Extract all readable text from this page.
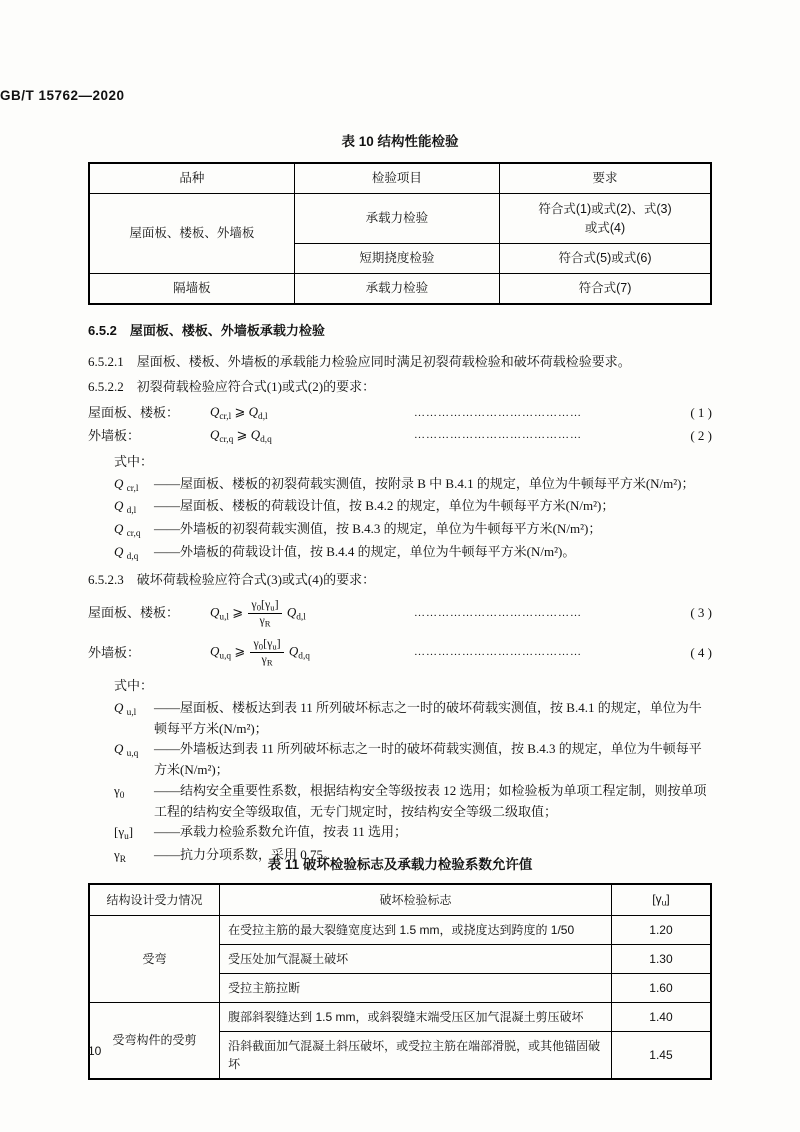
GB/T 15762—2020

表 10 结构性能检验

品种	检验项目	要求
屋面板、楼板、外墙板	承载力检验	符合式(1)或式(2)、式(3)
或式(4)
	短期挠度检验	符合式(5)或式(6)
隔墙板	承载力检验	符合式(7)

6.5.2　屋面板、楼板、外墙板承载力检验

6.5.2.1　屋面板、楼板、外墙板的承载能力检验应同时满足初裂荷载检验和破坏荷载检验要求。

6.5.2.2　初裂荷载检验应符合式(1)或式(2)的要求：

屋面板、楼板：	$Q_{cr,l}$ ⩾ $Q_{d,l}$	……………………………………	( 1 )
外墙板：	$Q_{cr,q}$ ⩾ $Q_{d,q}$	……………………………………	( 2 )

式中：

Q $_{cr,l}$	——屋面板、楼板的初裂荷载实测值，按附录 B 中 B.4.1 的规定，单位为牛顿每平方米(N/m²)；
Q $_{d,l}$	——屋面板、楼板的荷载设计值，按 B.4.2 的规定，单位为牛顿每平方米(N/m²)；
Q $_{cr,q}$	——外墙板的初裂荷载实测值，按 B.4.3 的规定，单位为牛顿每平方米(N/m²)；
Q $_{d,q}$	——外墙板的荷载设计值，按 B.4.4 的规定，单位为牛顿每平方米(N/m²)。

6.5.2.3　破坏荷载检验应符合式(3)或式(4)的要求：

屋面板、楼板：	$Q_{u,l}$ ⩾ $\frac{\gamma_0[\gamma_u]}{\gamma_R} Q_{d,l}$	……………………………………	( 3 )
外墙板：	$Q_{u,q}$ ⩾ $\frac{\gamma_0[\gamma_u]}{\gamma_R} Q_{d,q}$	……………………………………	( 4 )

式中：

Q $_{u,l}$	——屋面板、楼板达到表 11 所列破坏标志之一时的破坏荷载实测值，按 B.4.1 的规定，单位为牛顿每平方米(N/m²)；
Q $_{u,q}$	——外墙板达到表 11 所列破坏标志之一时的破坏荷载实测值，按 B.4.3 的规定，单位为牛顿每平方米(N/m²)；
$\gamma_0$	——结构安全重要性系数，根据结构安全等级按表 12 选用；如检验板为单项工程定制，则按单项工程的结构安全等级取值，无专门规定时，按结构安全等级二级取值；
$[\gamma_u]$	——承载力检验系数允许值，按表 11 选用；
$\gamma_R$	——抗力分项系数，采用 0.75。

表 11 破坏检验标志及承载力检验系数允许值

结构设计受力情况	破坏检验标志	$[\gamma_u]$
受弯	在受拉主筋的最大裂缝宽度达到 1.5 mm，或挠度达到跨度的 1/50	1.20
	受压处加气混凝土破坏	1.30
	受拉主筋拉断	1.60
受弯构件的受剪	腹部斜裂缝达到 1.5 mm，或斜裂缝末端受压区加气混凝土剪压破坏	1.40
	沿斜截面加气混凝土斜压破坏，或受拉主筋在端部滑脱，或其他锚固破坏	1.45
10
